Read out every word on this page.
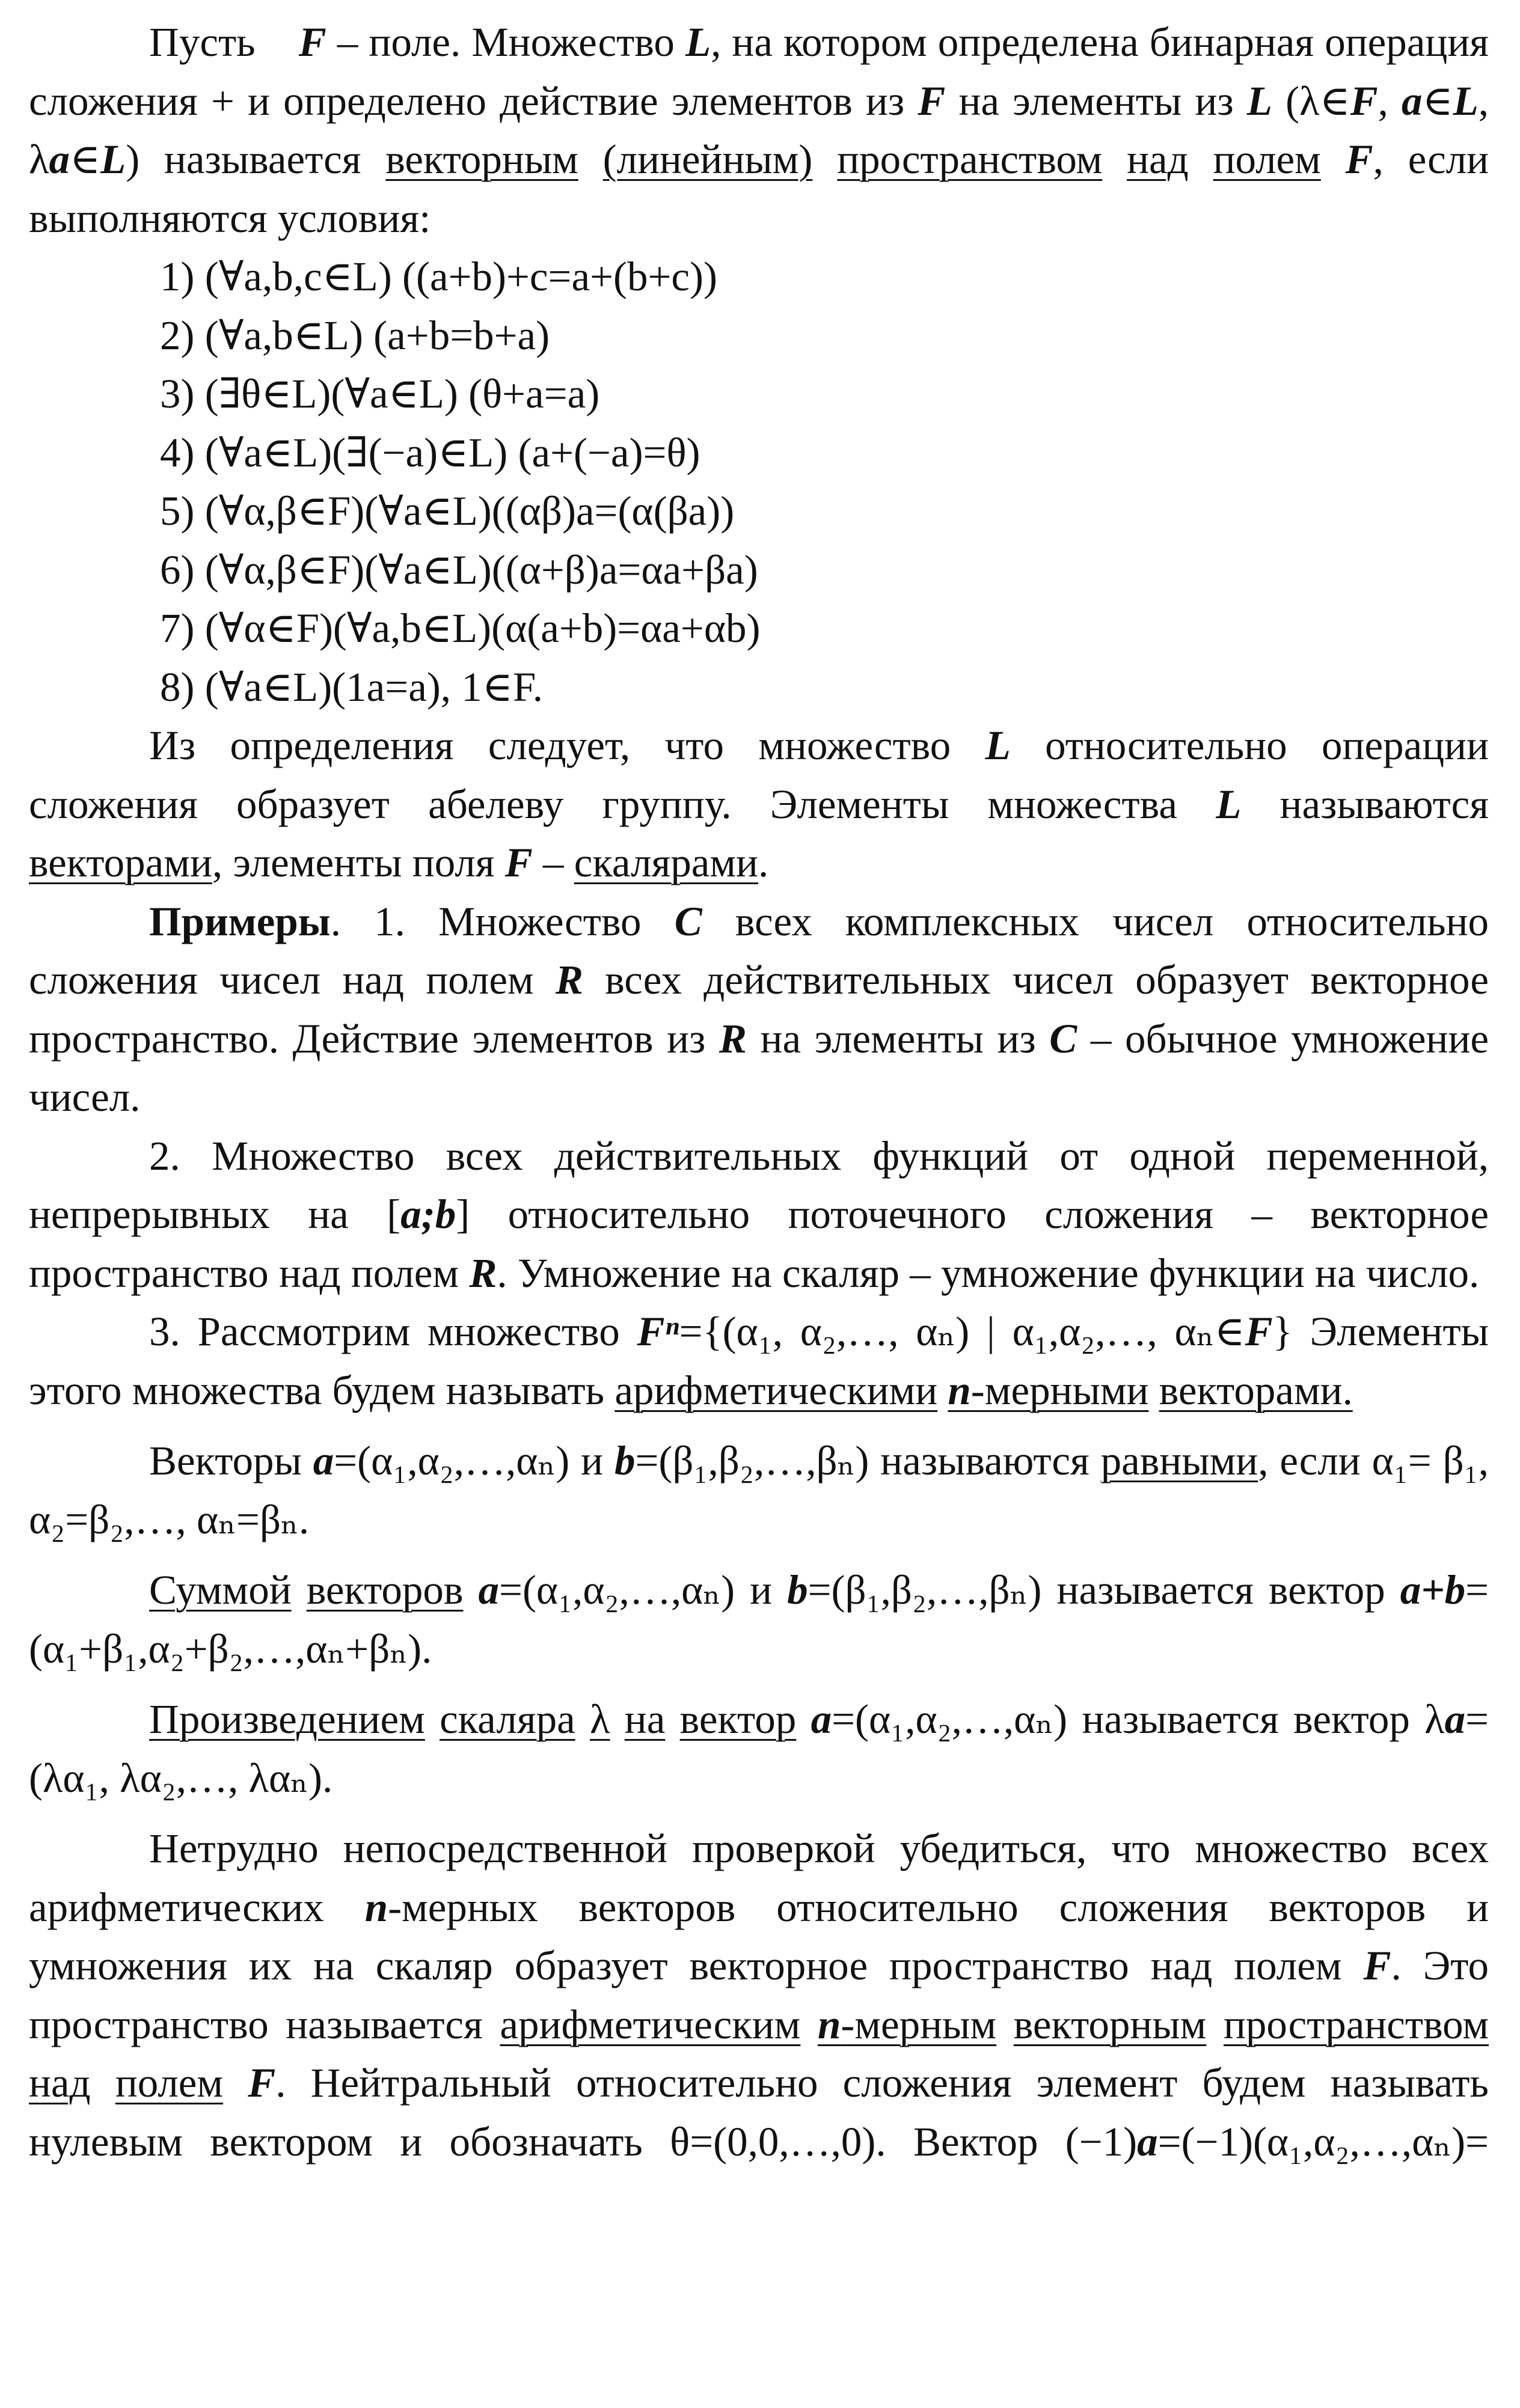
Пусть F – поле. Множество L, на котором определена бинарная операция сложения + и определено действие элементов из F на элементы из L (λ∈F, a∈L, λa∈L) называется векторным (линейным) пространством над полем F, если выполняются условия:

1) (∀a,b,c∈L) ((a+b)+c=a+(b+c))

2) (∀a,b∈L) (a+b=b+a)

3) (∃θ∈L)(∀a∈L) (θ+a=a)

4) (∀a∈L)(∃(−a)∈L) (a+(−a)=θ)

5) (∀α,β∈F)(∀a∈L)((αβ)a=(α(βa))

6) (∀α,β∈F)(∀a∈L)((α+β)a=αa+βa)

7) (∀α∈F)(∀a,b∈L)(α(a+b)=αa+αb)

8) (∀a∈L)(1a=a), 1∈F.

Из определения следует, что множество L относительно операции сложения образует абелеву группу. Элементы множества L называются векторами, элементы поля F – скалярами.

Примеры. 1. Множество C всех комплексных чисел относительно сложения чисел над полем R всех действительных чисел образует векторное пространство. Действие элементов из R на элементы из C – обычное умножение чисел.

2. Множество всех действительных функций от одной переменной, непрерывных на [a;b] относительно поточечного сложения – векторное пространство над полем R. Умножение на скаляр – умножение функции на число.

3. Рассмотрим множество Fⁿ={(α₁, α₂,…, αₙ) | α₁,α₂,…, αₙ∈F} Элементы этого множества будем называть арифметическими n-мерными векторами.

Векторы a=(α₁,α₂,…,αₙ) и b=(β₁,β₂,…,βₙ) называются равными, если α₁= β₁, α₂=β₂,…, αₙ=βₙ.

Суммой векторов a=(α₁,α₂,…,αₙ) и b=(β₁,β₂,…,βₙ) называется вектор a+b=(α₁+β₁,α₂+β₂,…,αₙ+βₙ).

Произведением скаляра λ на вектор a=(α₁,α₂,…,αₙ) называется вектор λa=(λα₁, λα₂,…, λαₙ).

Нетрудно непосредственной проверкой убедиться, что множество всех арифметических n-мерных векторов относительно сложения векторов и умножения их на скаляр образует векторное пространство над полем F. Это пространство называется арифметическим n-мерным векторным пространством над полем F. Нейтральный относительно сложения элемент будем называть нулевым вектором и обозначать θ=(0,0,…,0). Вектор (−1)a=(−1)(α₁,α₂,…,αₙ)=
